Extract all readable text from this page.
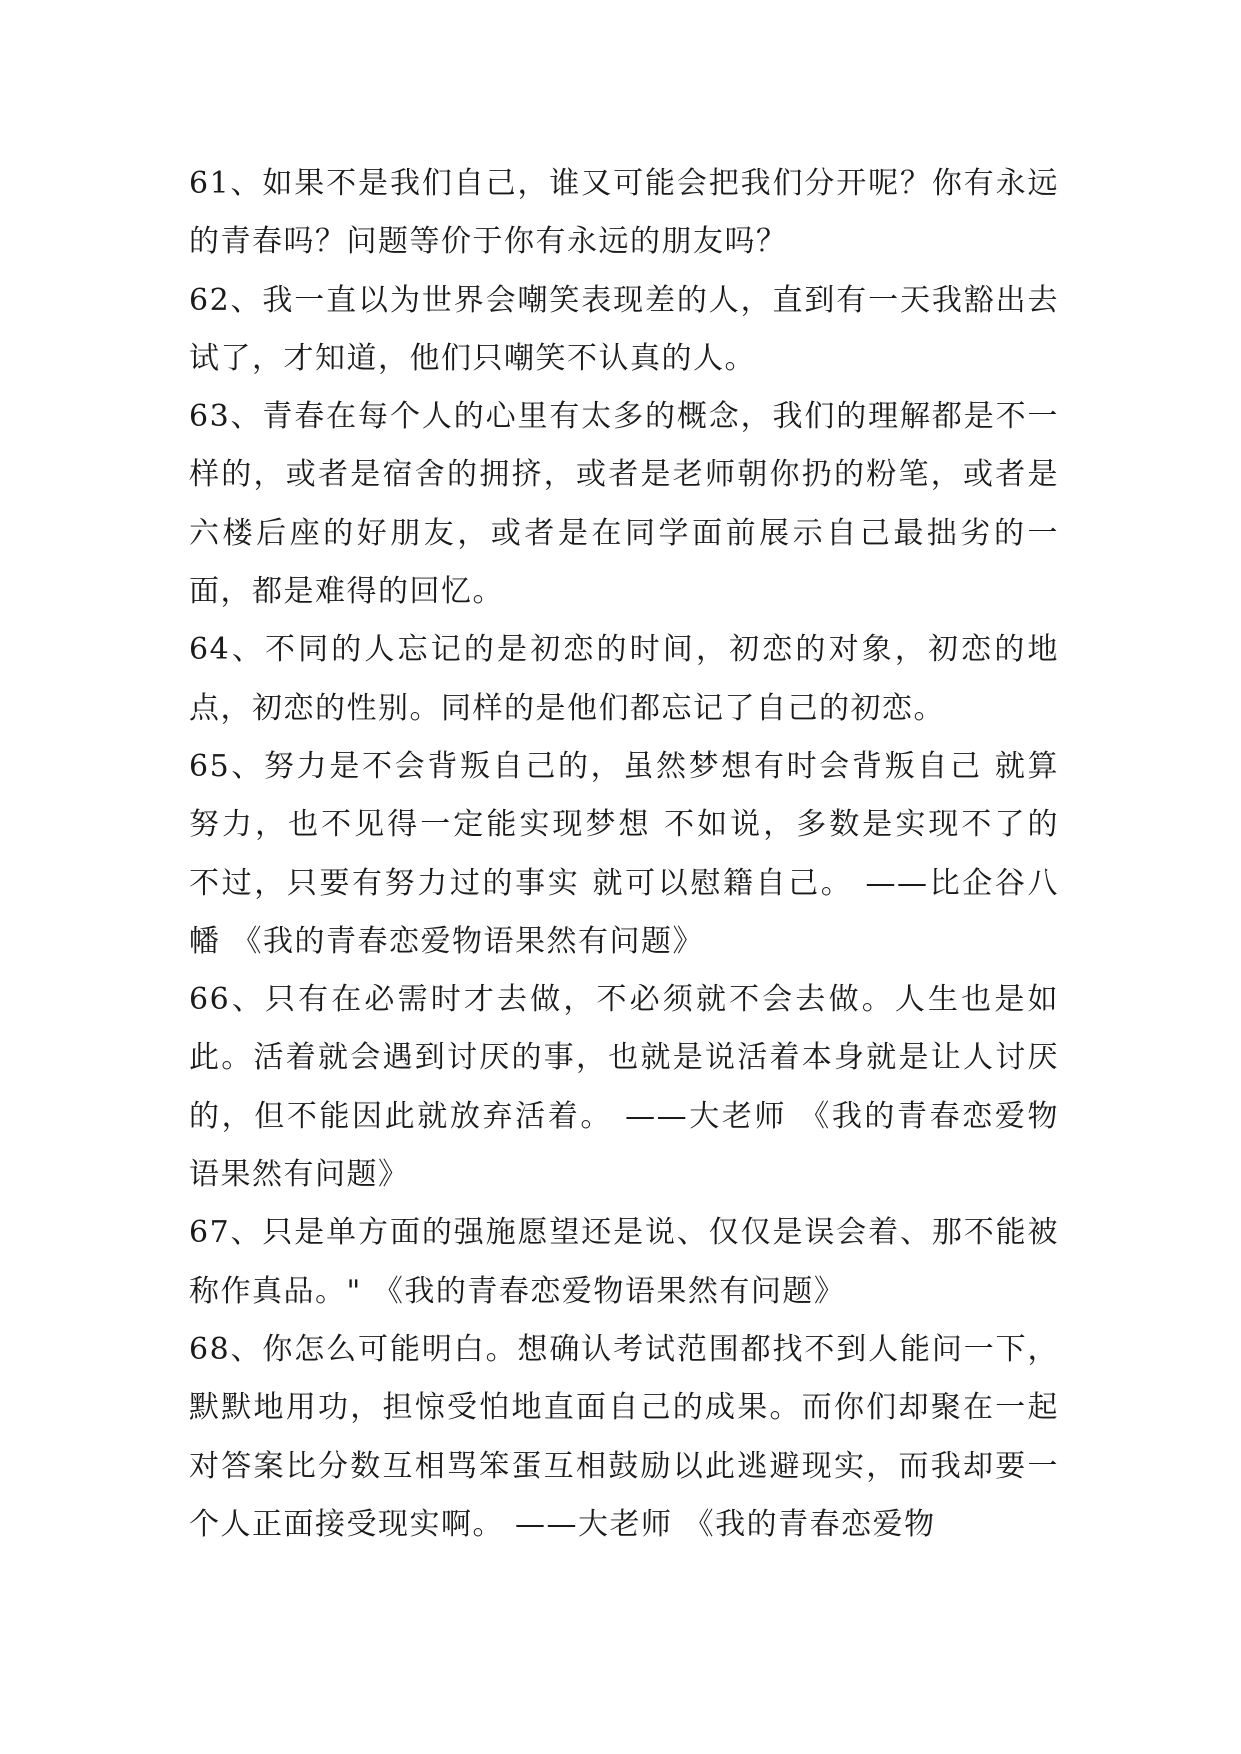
61、如果不是我们自己，谁又可能会把我们分开呢？你有永远的青春吗？问题等价于你有永远的朋友吗？

62、我一直以为世界会嘲笑表现差的人，直到有一天我豁出去试了，才知道，他们只嘲笑不认真的人。

63、青春在每个人的心里有太多的概念，我们的理解都是不一样的，或者是宿舍的拥挤，或者是老师朝你扔的粉笔，或者是六楼后座的好朋友，或者是在同学面前展示自己最拙劣的一面，都是难得的回忆。

64、不同的人忘记的是初恋的时间，初恋的对象，初恋的地点，初恋的性别。同样的是他们都忘记了自己的初恋。

65、努力是不会背叛自己的，虽然梦想有时会背叛自己 就算努力，也不见得一定能实现梦想 不如说，多数是实现不了的 不过，只要有努力过的事实 就可以慰籍自己。 ——比企谷八幡 《我的青春恋爱物语果然有问题》

66、只有在必需时才去做，不必须就不会去做。人生也是如此。活着就会遇到讨厌的事，也就是说活着本身就是让人讨厌的，但不能因此就放弃活着。 ——大老师 《我的青春恋爱物语果然有问题》

67、只是单方面的强施愿望还是说、仅仅是误会着、那不能被称作真品。" 《我的青春恋爱物语果然有问题》

68、你怎么可能明白。想确认考试范围都找不到人能问一下，默默地用功，担惊受怕地直面自己的成果。而你们却聚在一起对答案比分数互相骂笨蛋互相鼓励以此逃避现实，而我却要一个人正面接受现实啊。 ——大老师 《我的青春恋爱物
